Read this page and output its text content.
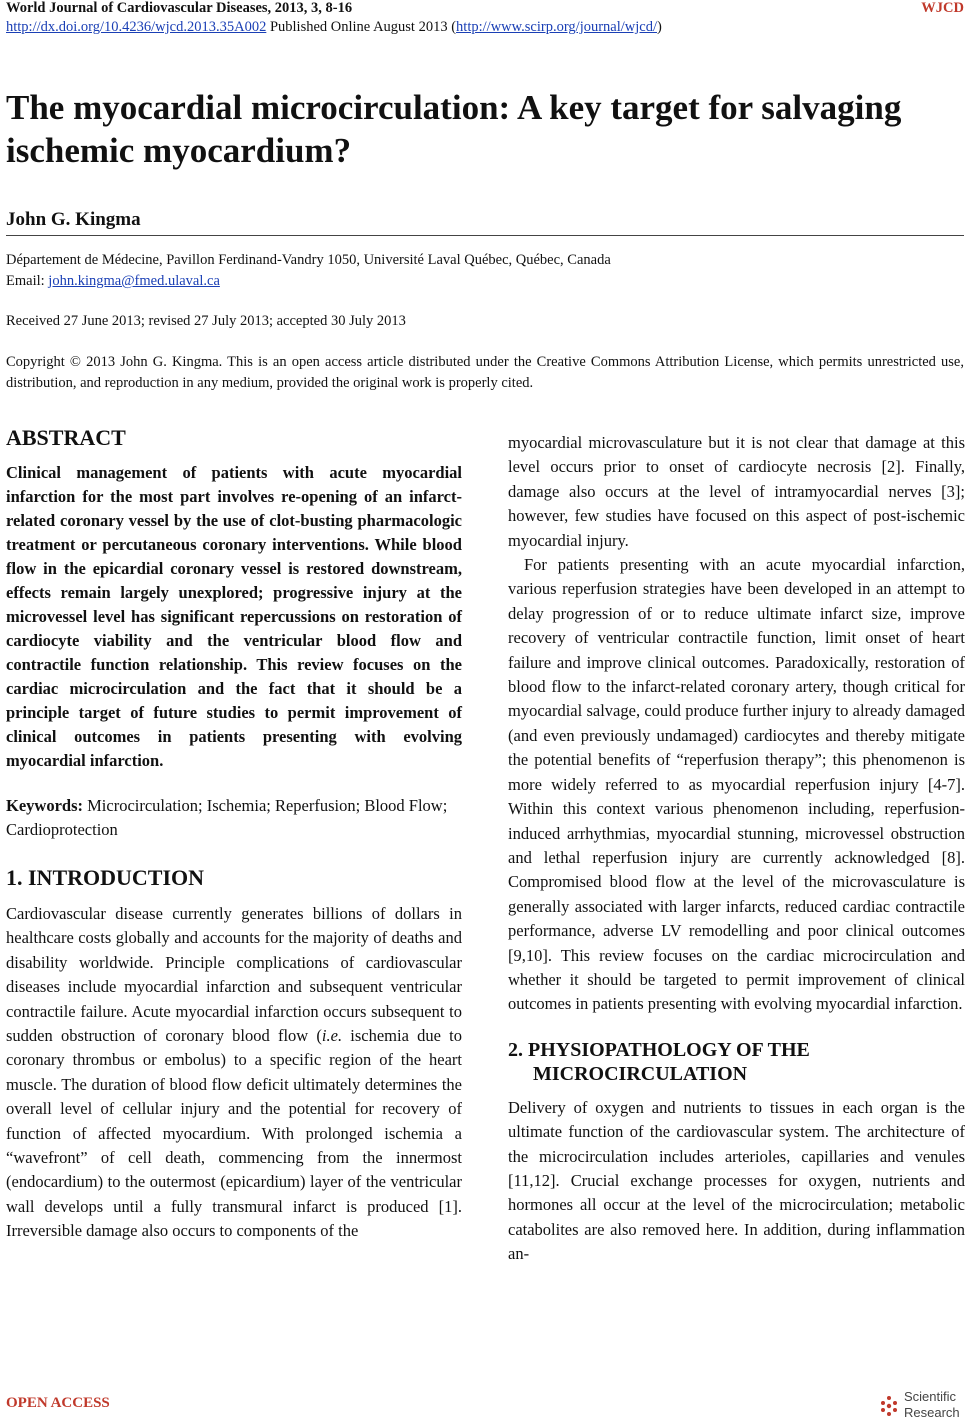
World Journal of Cardiovascular Diseases, 2013, 3, 8-16	WJCD
http://dx.doi.org/10.4236/wjcd.2013.35A002 Published Online August 2013 (http://www.scirp.org/journal/wjcd/)
The myocardial microcirculation: A key target for salvaging ischemic myocardium?
John G. Kingma
Département de Médecine, Pavillon Ferdinand-Vandry 1050, Université Laval Québec, Québec, Canada
Email: john.kingma@fmed.ulaval.ca
Received 27 June 2013; revised 27 July 2013; accepted 30 July 2013
Copyright © 2013 John G. Kingma. This is an open access article distributed under the Creative Commons Attribution License, which permits unrestricted use, distribution, and reproduction in any medium, provided the original work is properly cited.
ABSTRACT

Clinical management of patients with acute myocardial infarction for the most part involves re-opening of an infarct-related coronary vessel by the use of clot-busting pharmacologic treatment or percutaneous coronary interventions. While blood flow in the epicardial coronary vessel is restored downstream, effects remain largely unexplored; progressive injury at the microvessel level has significant repercussions on restoration of cardiocyte viability and the ventricular blood flow and contractile function relationship. This review focuses on the cardiac microcirculation and the fact that it should be a principle target of future studies to permit improvement of clinical outcomes in patients presenting with evolving myocardial infarction.

Keywords: Microcirculation; Ischemia; Reperfusion; Blood Flow; Cardioprotection

1. INTRODUCTION

Cardiovascular disease currently generates billions of dollars in healthcare costs globally and accounts for the majority of deaths and disability worldwide. Principle complications of cardiovascular diseases include myocardial infarction and subsequent ventricular contractile failure. Acute myocardial infarction occurs subsequent to sudden obstruction of coronary blood flow (i.e. ischemia due to coronary thrombus or embolus) to a specific region of the heart muscle. The duration of blood flow deficit ultimately determines the overall level of cellular injury and the potential for recovery of function of affected myocardium. With prolonged ischemia a “wavefront” of cell death, commencing from the innermost (endocardium) to the outermost (epicardium) layer of the ventricular wall develops until a fully transmural infarct is produced [1]. Irreversible damage also occurs to components of the

myocardial microvasculature but it is not clear that damage at this level occurs prior to onset of cardiocyte necrosis [2]. Finally, damage also occurs at the level of intramyocardial nerves [3]; however, few studies have focused on this aspect of post-ischemic myocardial injury.

For patients presenting with an acute myocardial infarction, various reperfusion strategies have been developed in an attempt to delay progression of or to reduce ultimate infarct size, improve recovery of ventricular contractile function, limit onset of heart failure and improve clinical outcomes. Paradoxically, restoration of blood flow to the infarct-related coronary artery, though critical for myocardial salvage, could produce further injury to already damaged (and even previously undamaged) cardiocytes and thereby mitigate the potential benefits of “reperfusion therapy”; this phenomenon is more widely referred to as myocardial reperfusion injury [4-7]. Within this context various phenomenon including, reperfusion-induced arrhythmias, myocardial stunning, microvessel obstruction and lethal reperfusion injury are currently acknowledged [8]. Compromised blood flow at the level of the microvasculature is generally associated with larger infarcts, reduced cardiac contractile performance, adverse LV remodelling and poor clinical outcomes [9,10]. This review focuses on the cardiac microcirculation and whether it should be targeted to permit improvement of clinical outcomes in patients presenting with evolving myocardial infarction.

2. PHYSIOPATHOLOGY OF THE MICROCIRCULATION

Delivery of oxygen and nutrients to tissues in each organ is the ultimate function of the cardiovascular system. The architecture of the microcirculation includes arterioles, capillaries and venules [11,12]. Crucial exchange processes for oxygen, nutrients and hormones all occur at the level of the microcirculation; metabolic catabolites are also removed here. In addition, during inflammation an-

OPEN ACCESS	Scientific
Research
